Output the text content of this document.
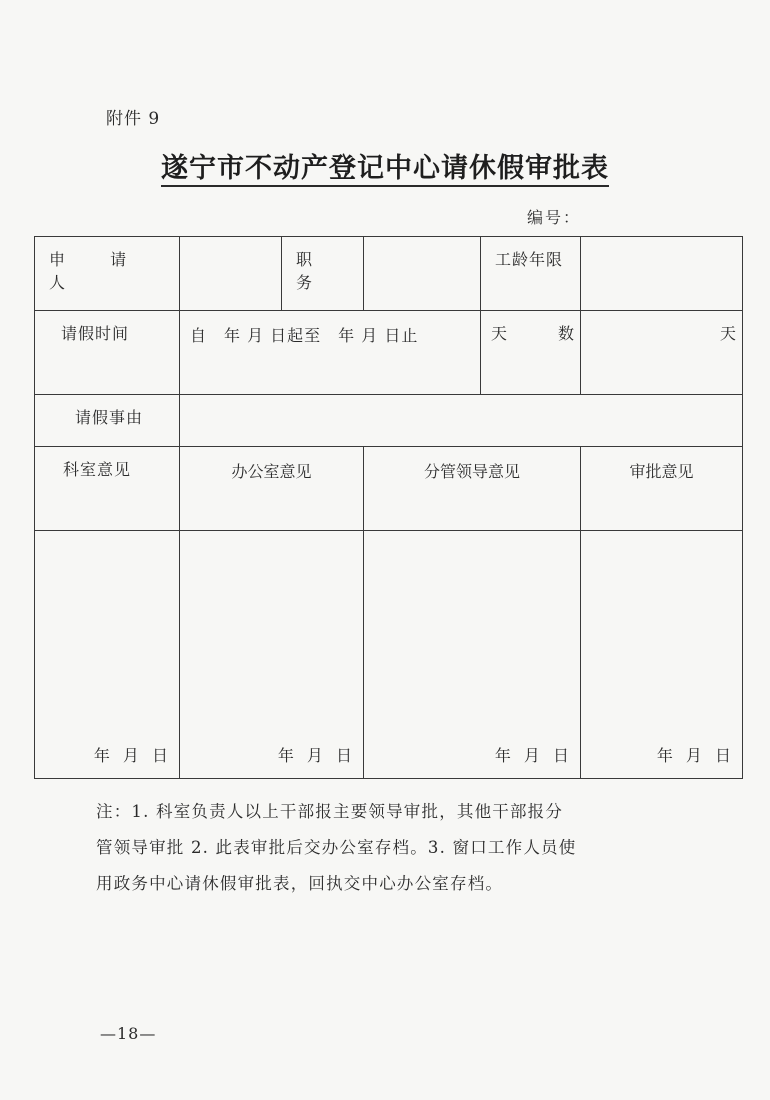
附件 9
遂宁市不动产登记中心请休假审批表
编号：
申 请 人		职 务		工龄年限	

请假时间	自　年 月 日起至　年 月 日止			天 数	天

请假事由					

科室意见	办公室意见		分管领导意见		审批意见

年 月 日	年 月 日		年 月 日		年 月 日

注：1. 科室负责人以上干部报主要领导审批，其他干部报分

管领导审批 2. 此表审批后交办公室存档。3. 窗口工作人员使

用政务中心请休假审批表，回执交中心办公室存档。

—18—
